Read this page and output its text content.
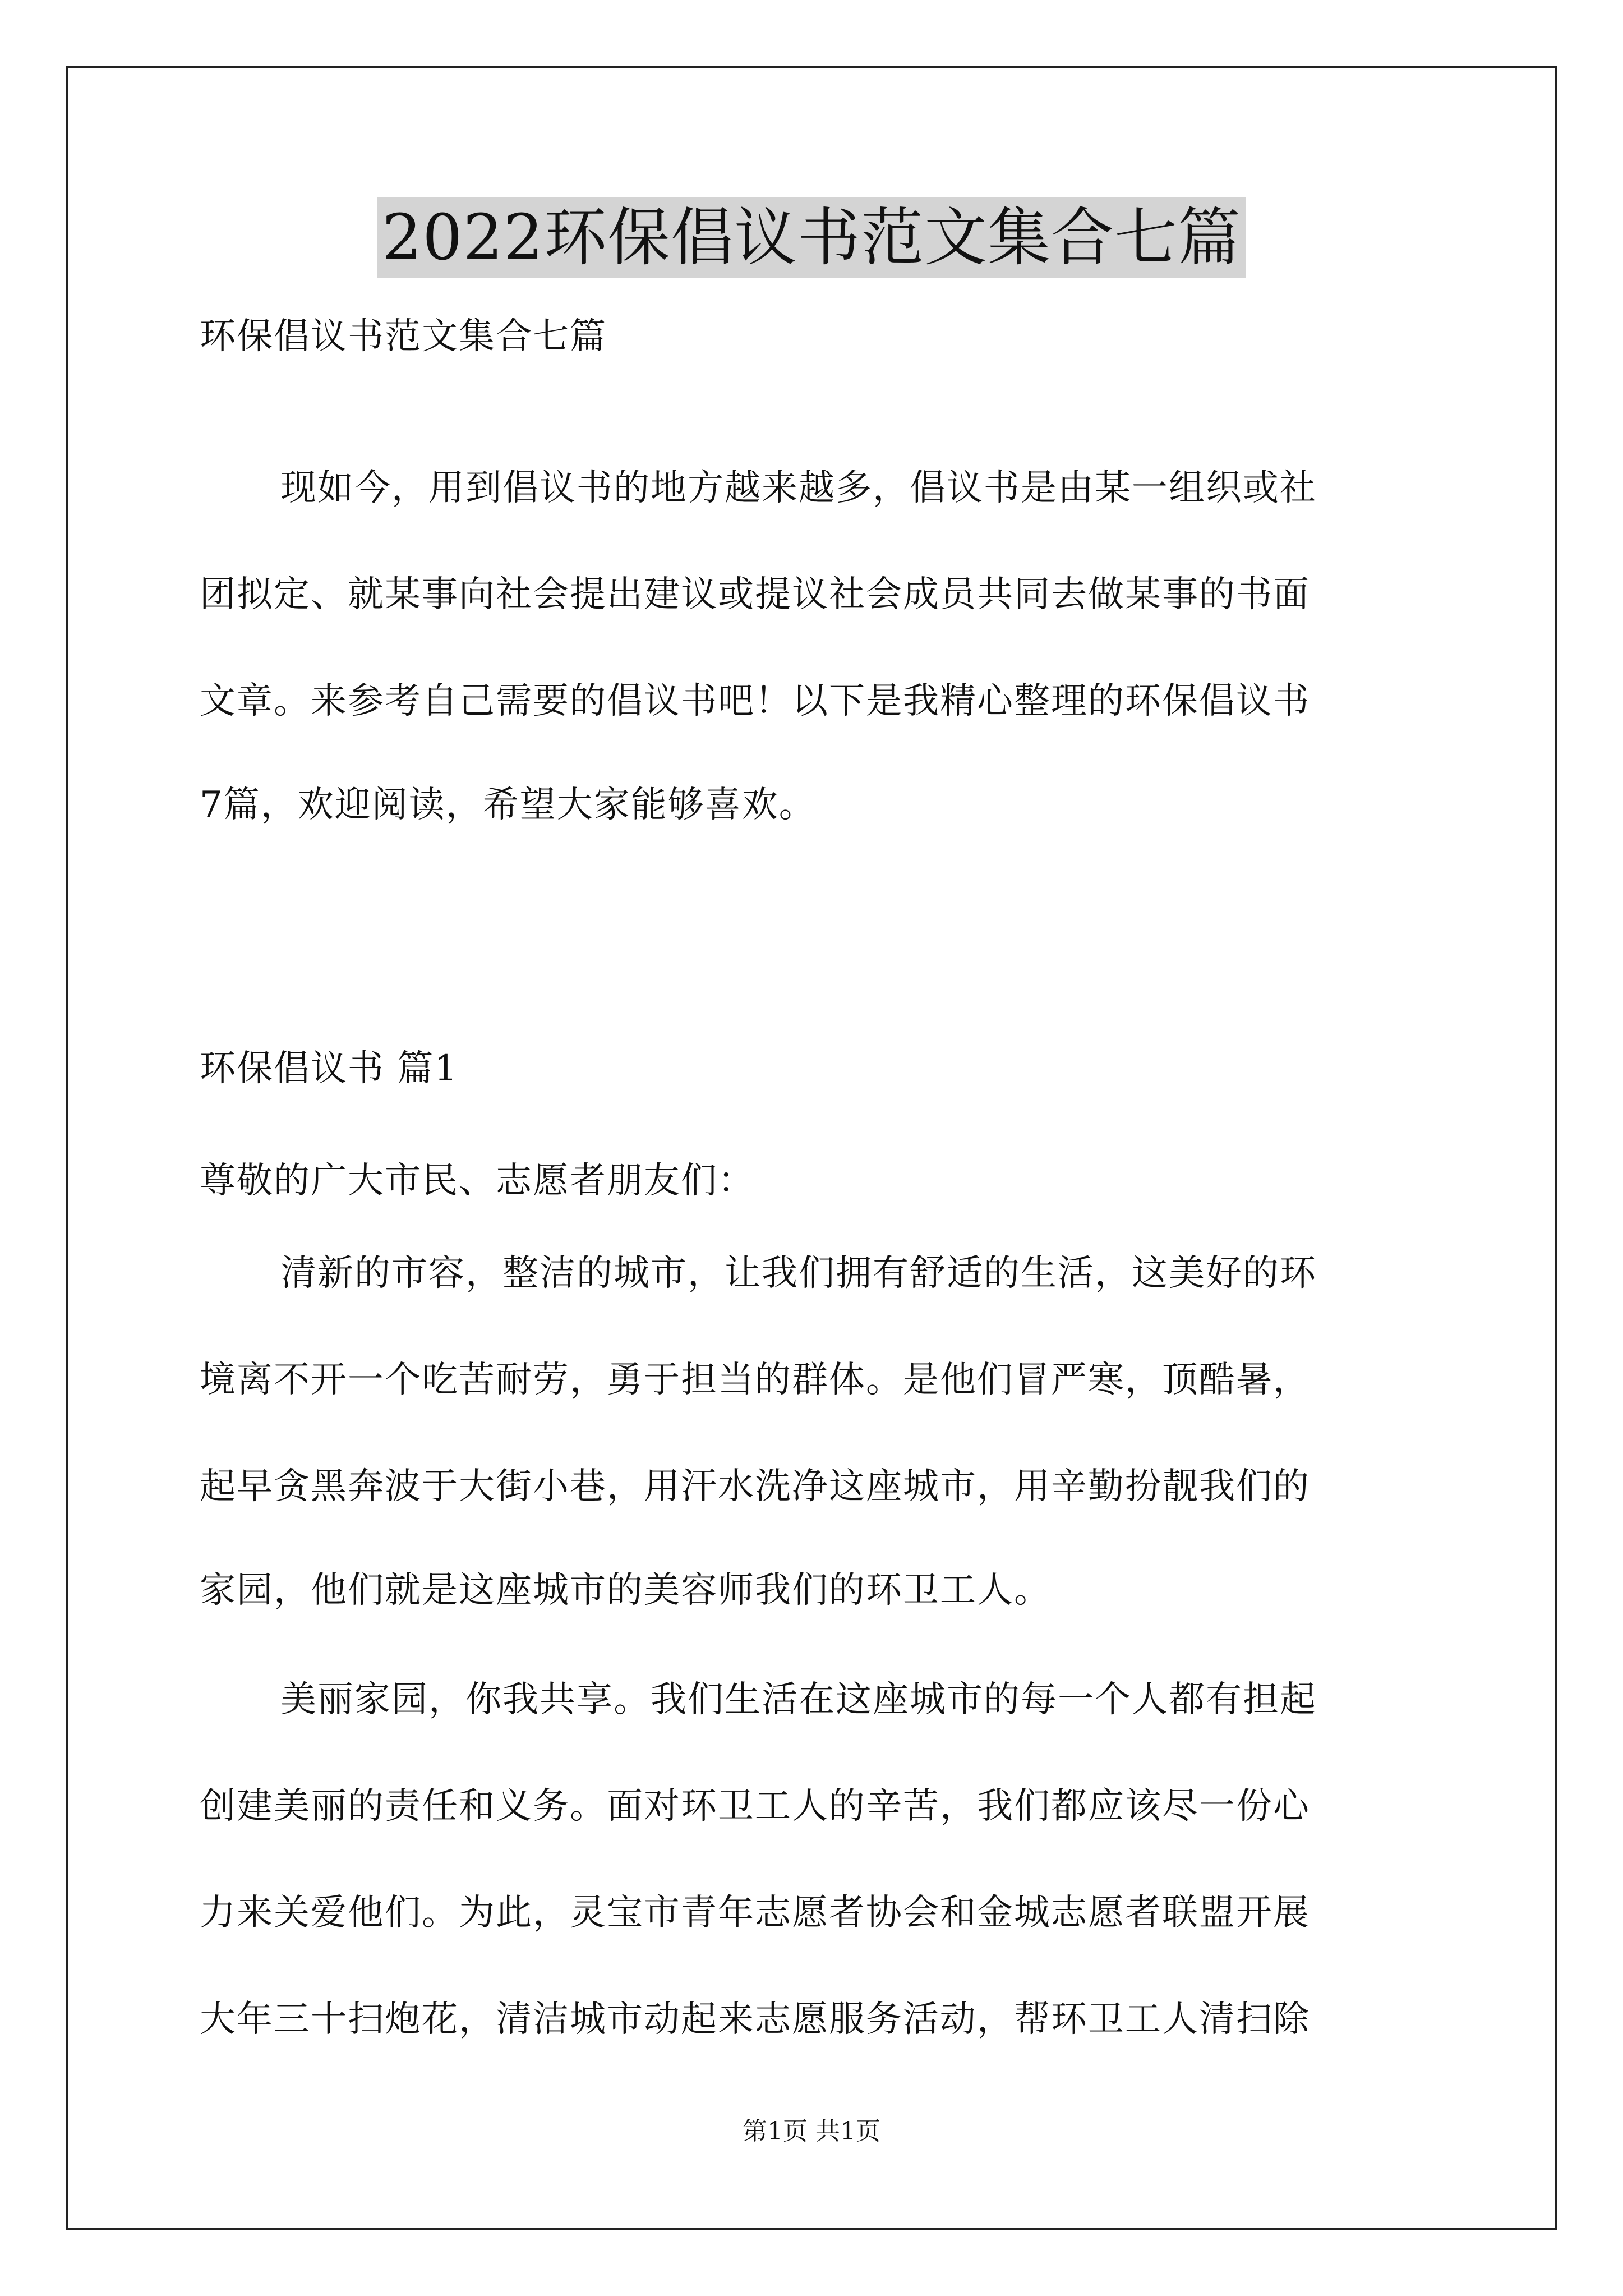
2022环保倡议书范文集合七篇
环保倡议书范文集合七篇
现如今，用到倡议书的地方越来越多，倡议书是由某一组织或社
团拟定、就某事向社会提出建议或提议社会成员共同去做某事的书面
文章。来参考自己需要的倡议书吧！以下是我精心整理的环保倡议书
7篇，欢迎阅读，希望大家能够喜欢。
环保倡议书 篇1
尊敬的广大市民、志愿者朋友们：
清新的市容，整洁的城市，让我们拥有舒适的生活，这美好的环
境离不开一个吃苦耐劳，勇于担当的群体。是他们冒严寒，顶酷暑，
起早贪黑奔波于大街小巷，用汗水洗净这座城市，用辛勤扮靓我们的
家园，他们就是这座城市的美容师我们的环卫工人。
美丽家园，你我共享。我们生活在这座城市的每一个人都有担起
创建美丽的责任和义务。面对环卫工人的辛苦，我们都应该尽一份心
力来关爱他们。为此，灵宝市青年志愿者协会和金城志愿者联盟开展
大年三十扫炮花，清洁城市动起来志愿服务活动，帮环卫工人清扫除
第1页 共1页
